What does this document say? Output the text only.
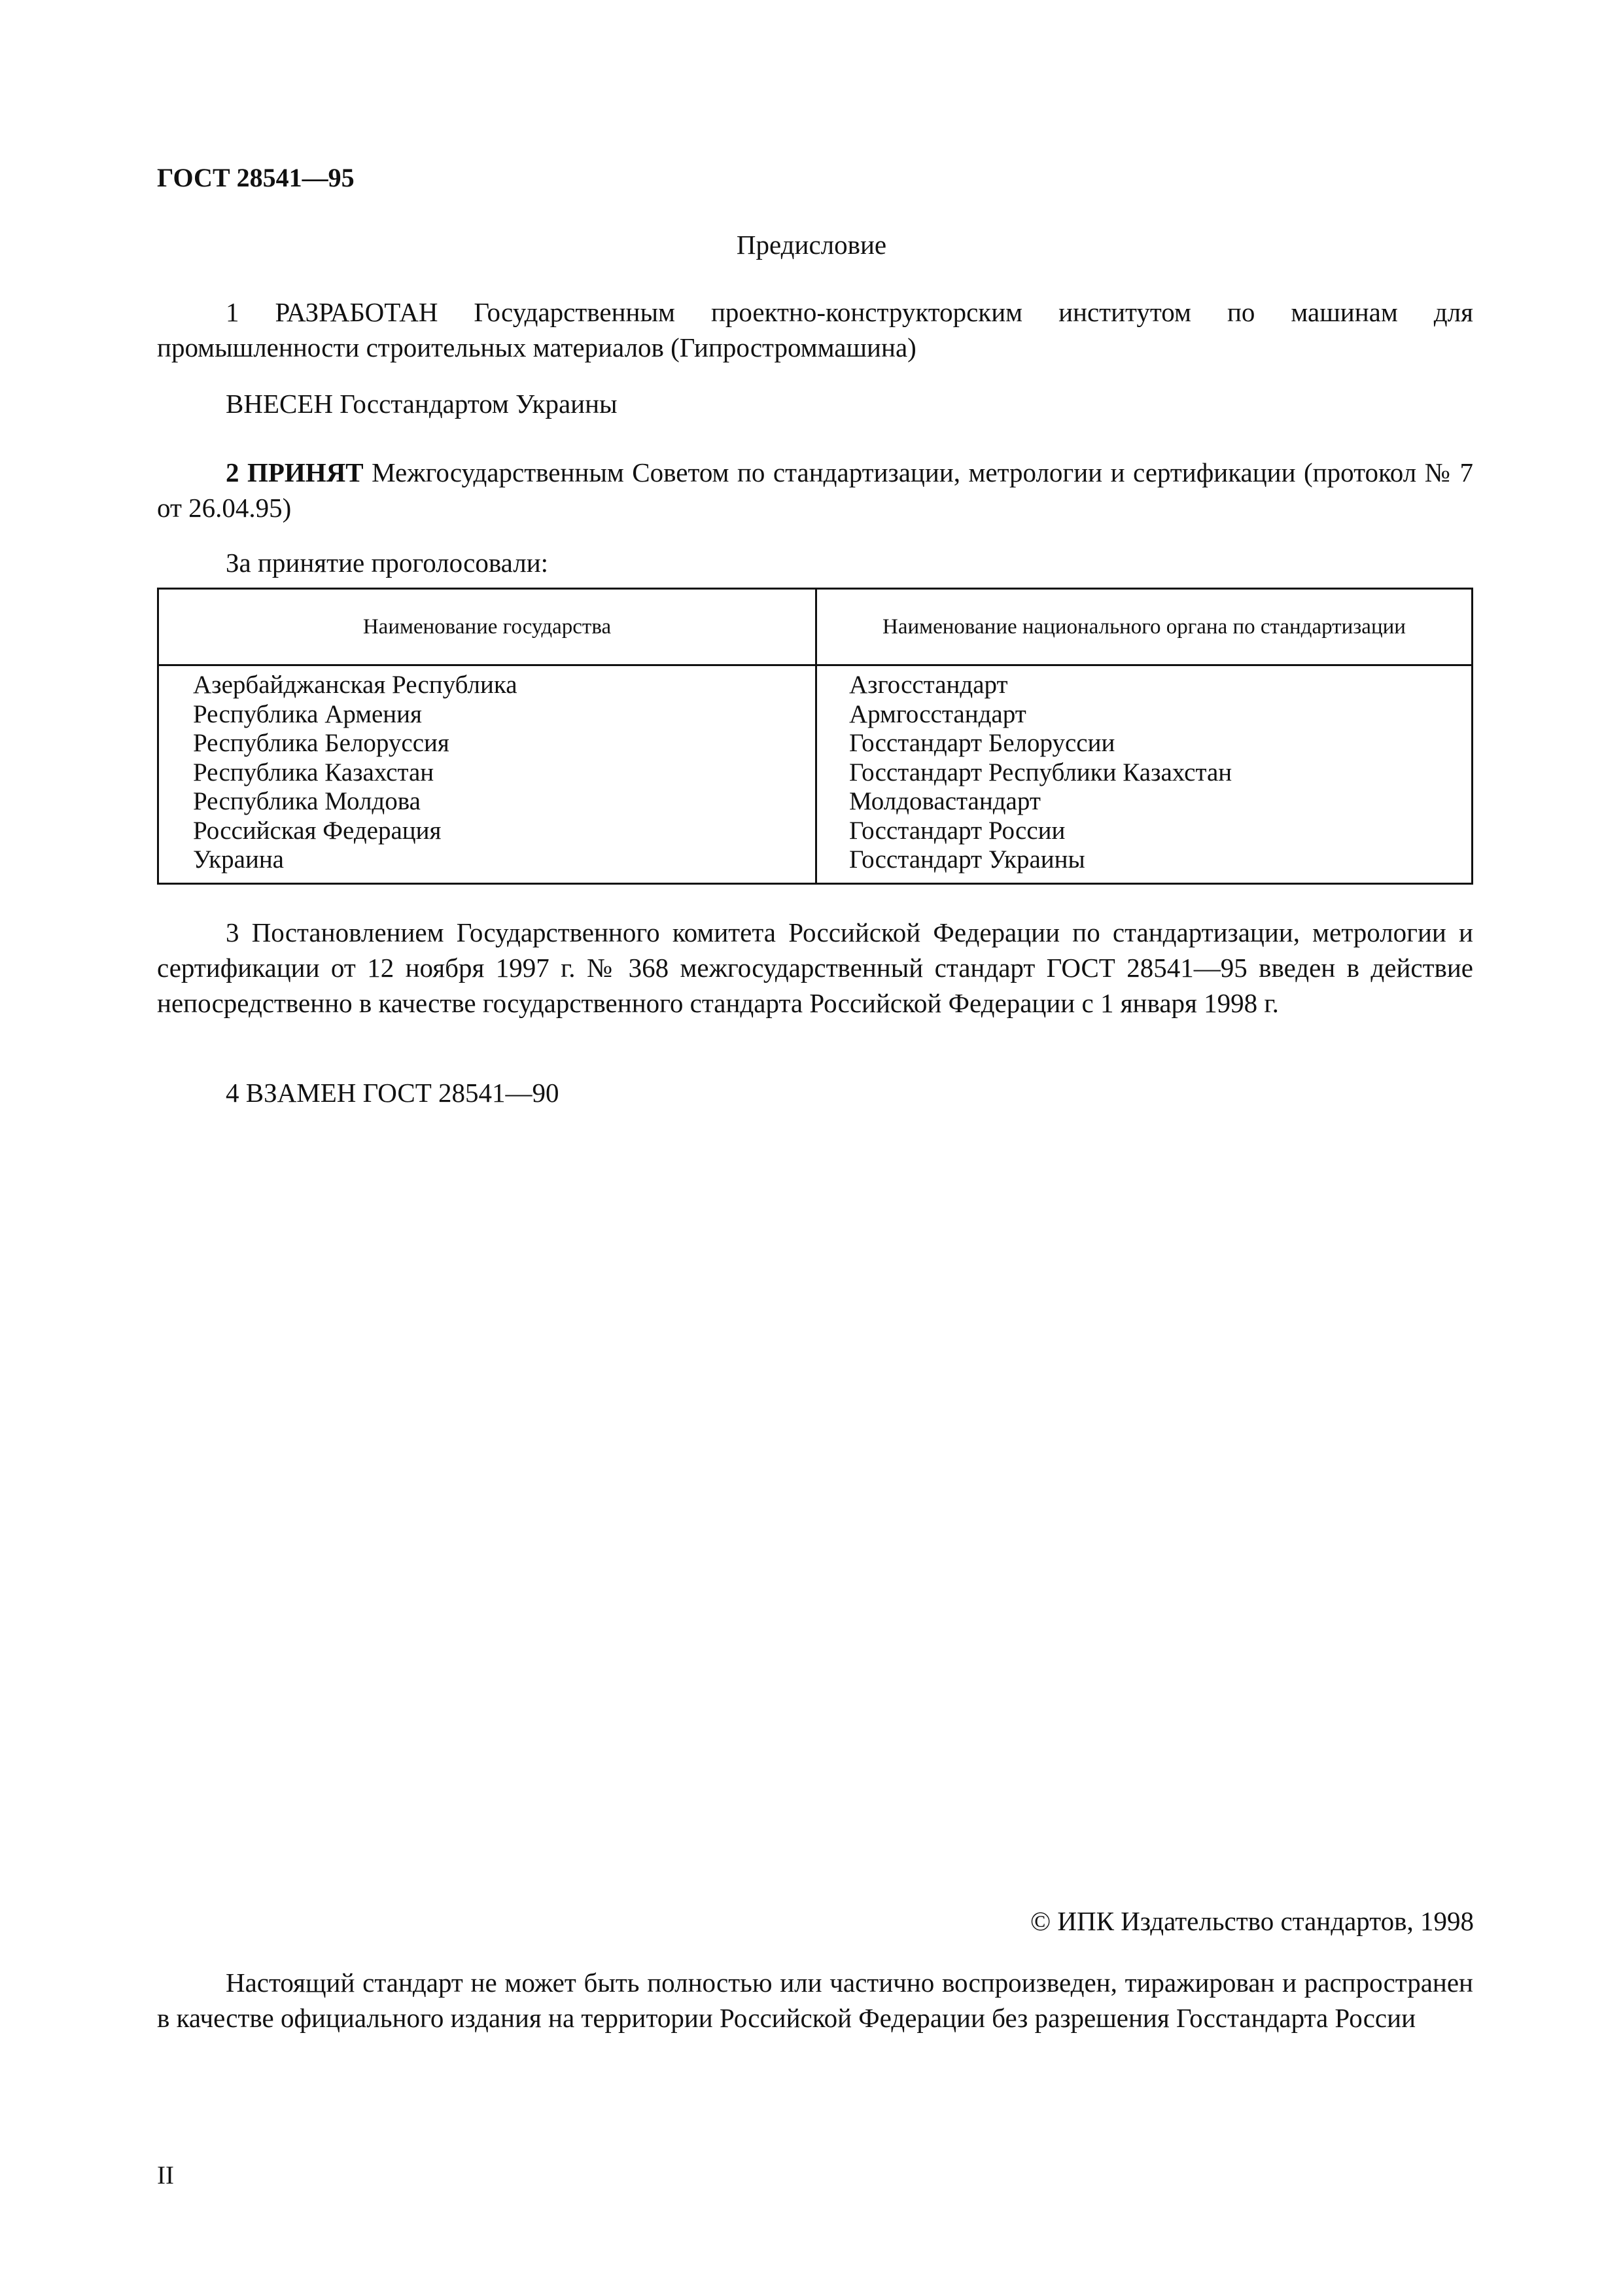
ГОСТ 28541—95
Предисловие
1 РАЗРАБОТАН Государственным проектно-конструкторским институтом по машинам для промышленности строительных материалов (Гипростроммашина)
ВНЕСЕН Госстандартом Украины
2 ПРИНЯТ Межгосударственным Советом по стандартизации, метрологии и сертификации (протокол № 7 от 26.04.95)
За принятие проголосовали:
Наименование государства	Наименование национального органа по стандартизации
Азербайджанская Республика
Республика Армения
Республика Белоруссия
Республика Казахстан
Республика Молдова
Российская Федерация
Украина
Азгосстандарт
Армгосстандарт
Госстандарт Белоруссии
Госстандарт Республики Казахстан
Молдовастандарт
Госстандарт России
Госстандарт Украины
3 Постановлением Государственного комитета Российской Федерации по стандартизации, метрологии и сертификации от 12 ноября 1997 г. № 368 межгосударственный стандарт ГОСТ 28541—95 введен в действие непосредственно в качестве государственного стандарта Российской Федерации с 1 января 1998 г.
4 ВЗАМЕН ГОСТ 28541—90
© ИПК Издательство стандартов, 1998
Настоящий стандарт не может быть полностью или частично воспроизведен, тиражирован и распространен в качестве официального издания на территории Российской Федерации без разрешения Госстандарта России
II
